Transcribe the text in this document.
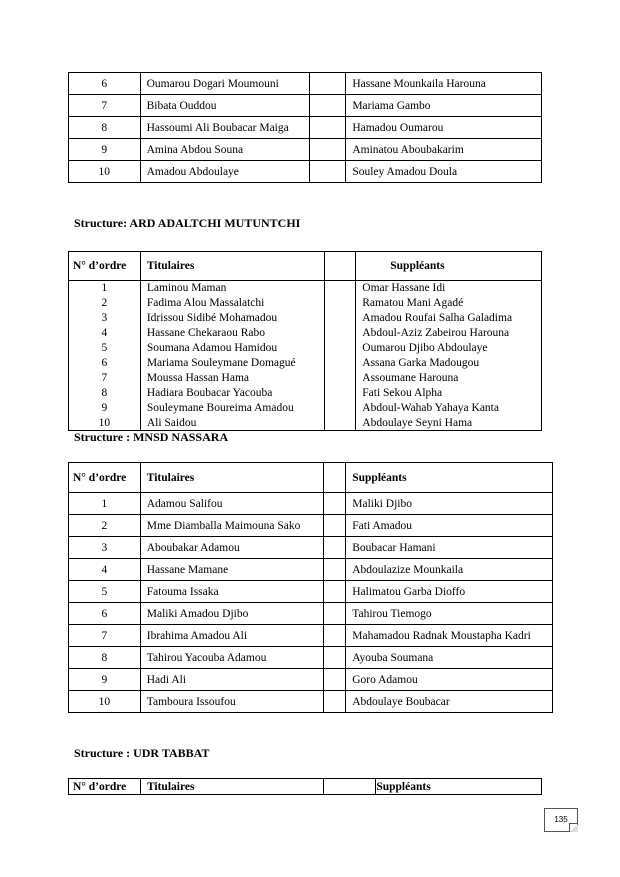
6	Oumarou Dogari Moumouni		Hassane Mounkaila Harouna
7	Bibata Ouddou		Mariama Gambo
8	Hassoumi Ali Boubacar Maiga		Hamadou Oumarou
9	Amina Abdou Souna		Aminatou Aboubakarim
10	Amadou Abdoulaye		Souley Amadou Doula
Structure: ARD ADALTCHI MUTUNTCHI
N° d’ordre	Titulaires		Suppléants
1	Laminou Maman		Omar Hassane Idi
2	Fadima Alou Massalatchi		Ramatou Mani Agadé
3	Idrissou Sidibé Mohamadou		Amadou Roufai Salha Galadima
4	Hassane Chekaraou Rabo		Abdoul-Aziz Zabeirou Harouna
5	Soumana Adamou Hamidou		Oumarou Djibo Abdoulaye
6	Mariama Souleymane Domagué		Assana Garka Madougou
7	Moussa Hassan Hama		Assoumane Harouna
8	Hadiara Boubacar Yacouba		Fati Sekou Alpha
9	Souleymane Boureima Amadou		Abdoul-Wahab Yahaya Kanta
10	Ali Saidou		Abdoulaye Seyni Hama
Structure : MNSD NASSARA
N° d’ordre	Titulaires		Suppléants
1	Adamou Salifou		Maliki Djibo
2	Mme Diamballa Maimouna Sako		Fati Amadou
3	Aboubakar Adamou		Boubacar Hamani
4	Hassane Mamane		Abdoulazize Mounkaila
5	Fatouma Issaka		Halimatou Garba Dioffo
6	Maliki Amadou Djibo		Tahirou Tiemogo
7	Ibrahima Amadou Ali		Mahamadou Radnak Moustapha Kadri
8	Tahirou Yacouba Adamou		Ayouba Soumana
9	Hadi Ali		Goro Adamou
10	Tamboura Issoufou		Abdoulaye Boubacar
Structure : UDR TABBAT
N° d’ordre	Titulaires		Suppléants
135
